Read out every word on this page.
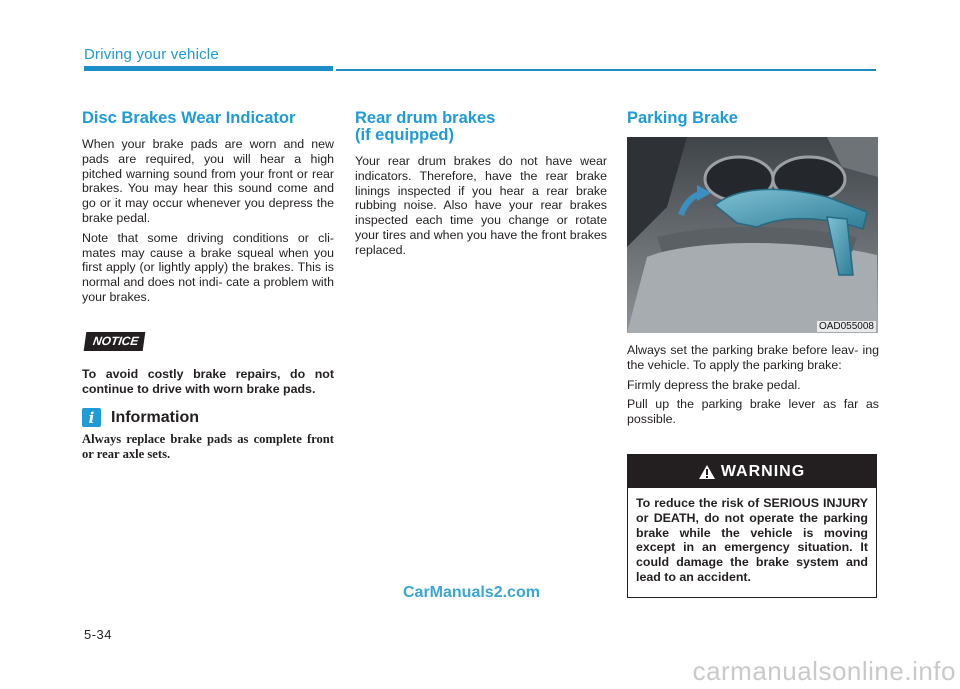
Driving your vehicle
Disc Brakes Wear Indicator

When your brake pads are worn and new pads are required, you will hear a high pitched warning sound from your front or rear brakes. You may hear this sound come and go or it may occur whenever you depress the brake pedal.

Note that some driving conditions or cli- mates may cause a brake squeal when you first apply (or lightly apply) the brakes. This is normal and does not indi- cate a problem with your brakes.

NOTICE
To avoid costly brake repairs, do not continue to drive with worn brake pads.
i	Information
Always replace brake pads as complete front or rear axle sets.
Rear drum brakes
(if equipped)

Your rear drum brakes do not have wear indicators. Therefore, have the rear brake linings inspected if you hear a rear brake rubbing noise. Also have your rear brakes inspected each time you change or rotate your tires and when you have the front brakes replaced.

Parking Brake
OAD055008

Always set the parking brake before leav- ing the vehicle. To apply the parking brake:

Firmly depress the brake pedal.

Pull up the parking brake lever as far as possible.

WARNING
To reduce the risk of SERIOUS INJURY or DEATH, do not operate the parking brake while the vehicle is moving except in an emergency situation. It could damage the brake system and lead to an accident.
CarManuals2.com
5-34
carmanualsonline.info
